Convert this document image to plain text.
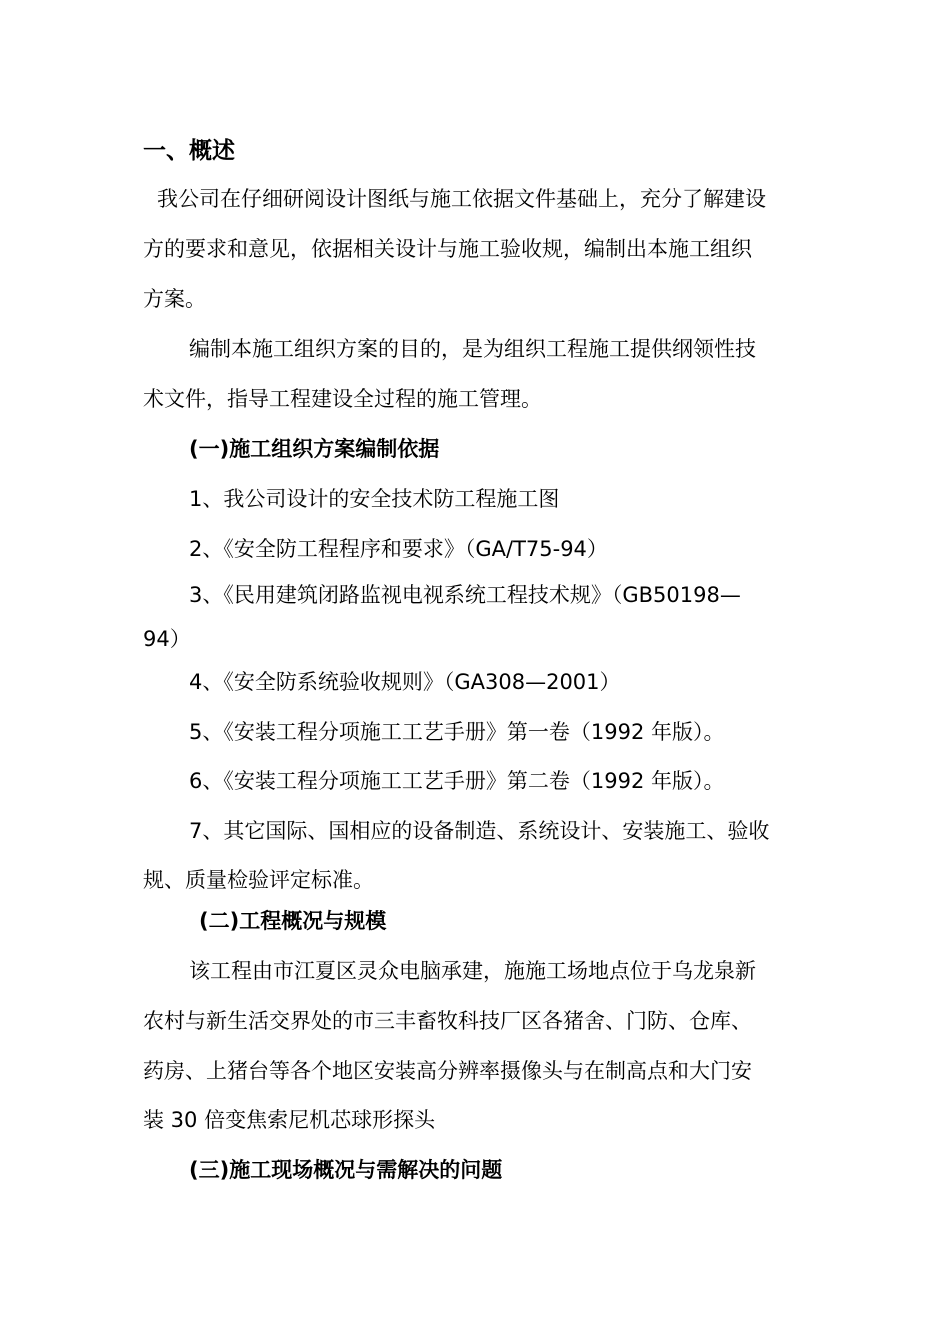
一、概述
我公司在仔细研阅设计图纸与施工依据文件基础上，充分了解建设
方的要求和意见，依据相关设计与施工验收规，编制出本施工组织
方案。
编制本施工组织方案的目的，是为组织工程施工提供纲领性技
术文件，指导工程建设全过程的施工管理。
(一)施工组织方案编制依据
1、我公司设计的安全技术防工程施工图
2、《安全防工程程序和要求》（GA/T75-94）
3、《民用建筑闭路监视电视系统工程技术规》（GB50198—
94）
4、《安全防系统验收规则》（GA308—2001）
5、《安装工程分项施工工艺手册》第一卷（1992 年版）。
6、《安装工程分项施工工艺手册》第二卷（1992 年版）。
7、其它国际、国相应的设备制造、系统设计、安装施工、验收
规、质量检验评定标准。
(二)工程概况与规模
该工程由市江夏区灵众电脑承建，施施工场地点位于乌龙泉新
农村与新生活交界处的市三丰畜牧科技厂区各猪舍、门防、仓库、
药房、上猪台等各个地区安装高分辨率摄像头与在制高点和大门安
装 30 倍变焦索尼机芯球形探头
(三)施工现场概况与需解决的问题
